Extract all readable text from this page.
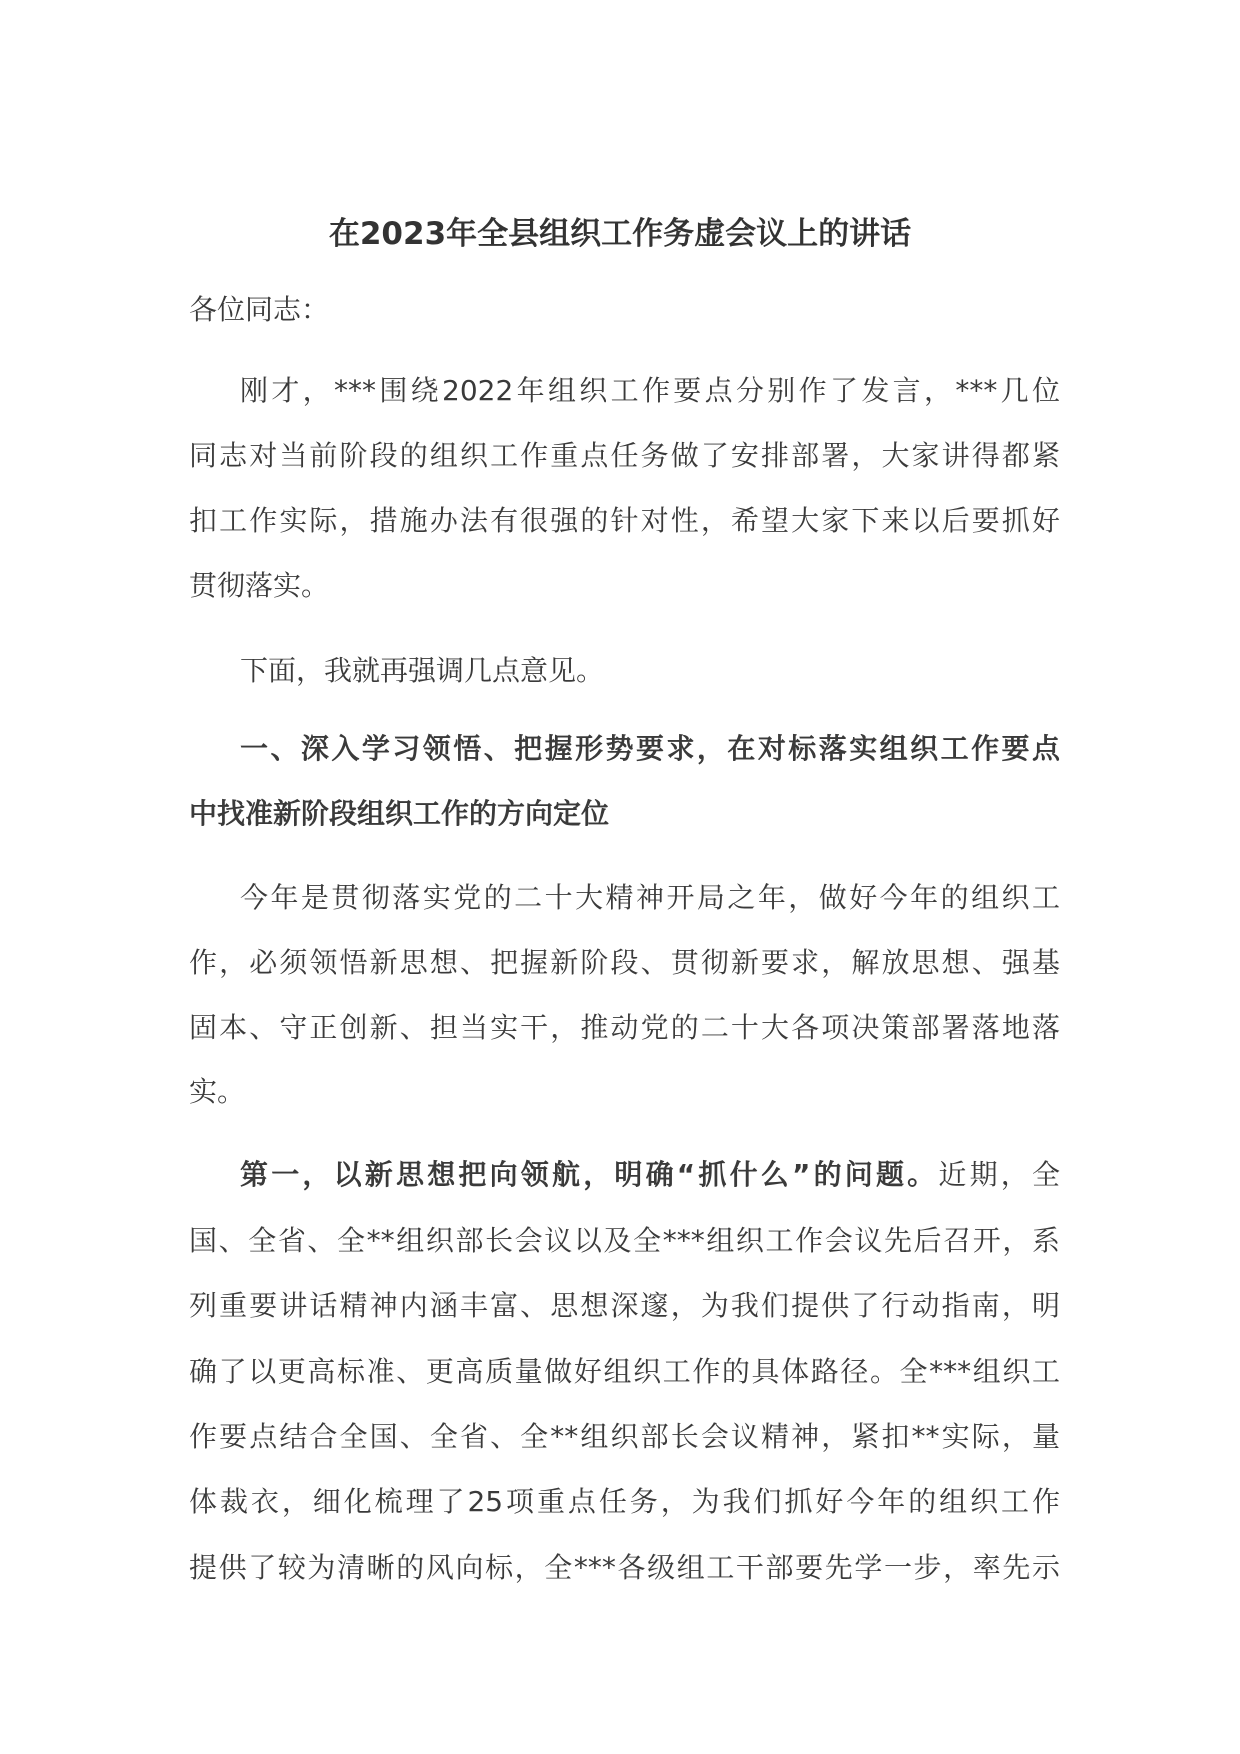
在2023年全县组织工作务虚会议上的讲话
各位同志：
刚才，***围绕2022年组织工作要点分别作了发言，***几位
同志对当前阶段的组织工作重点任务做了安排部署，大家讲得都紧
扣工作实际，措施办法有很强的针对性，希望大家下来以后要抓好
贯彻落实。
下面，我就再强调几点意见。
一、深入学习领悟、把握形势要求，在对标落实组织工作要点
中找准新阶段组织工作的方向定位
今年是贯彻落实党的二十大精神开局之年，做好今年的组织工
作，必须领悟新思想、把握新阶段、贯彻新要求，解放思想、强基
固本、守正创新、担当实干，推动党的二十大各项决策部署落地落
实。
第一，以新思想把向领航，明确“抓什么”的问题。近期，全
国、全省、全**组织部长会议以及全***组织工作会议先后召开，系
列重要讲话精神内涵丰富、思想深邃，为我们提供了行动指南，明
确了以更高标准、更高质量做好组织工作的具体路径。全***组织工
作要点结合全国、全省、全**组织部长会议精神，紧扣**实际，量
体裁衣，细化梳理了25项重点任务，为我们抓好今年的组织工作
提供了较为清晰的风向标，全***各级组工干部要先学一步，率先示
